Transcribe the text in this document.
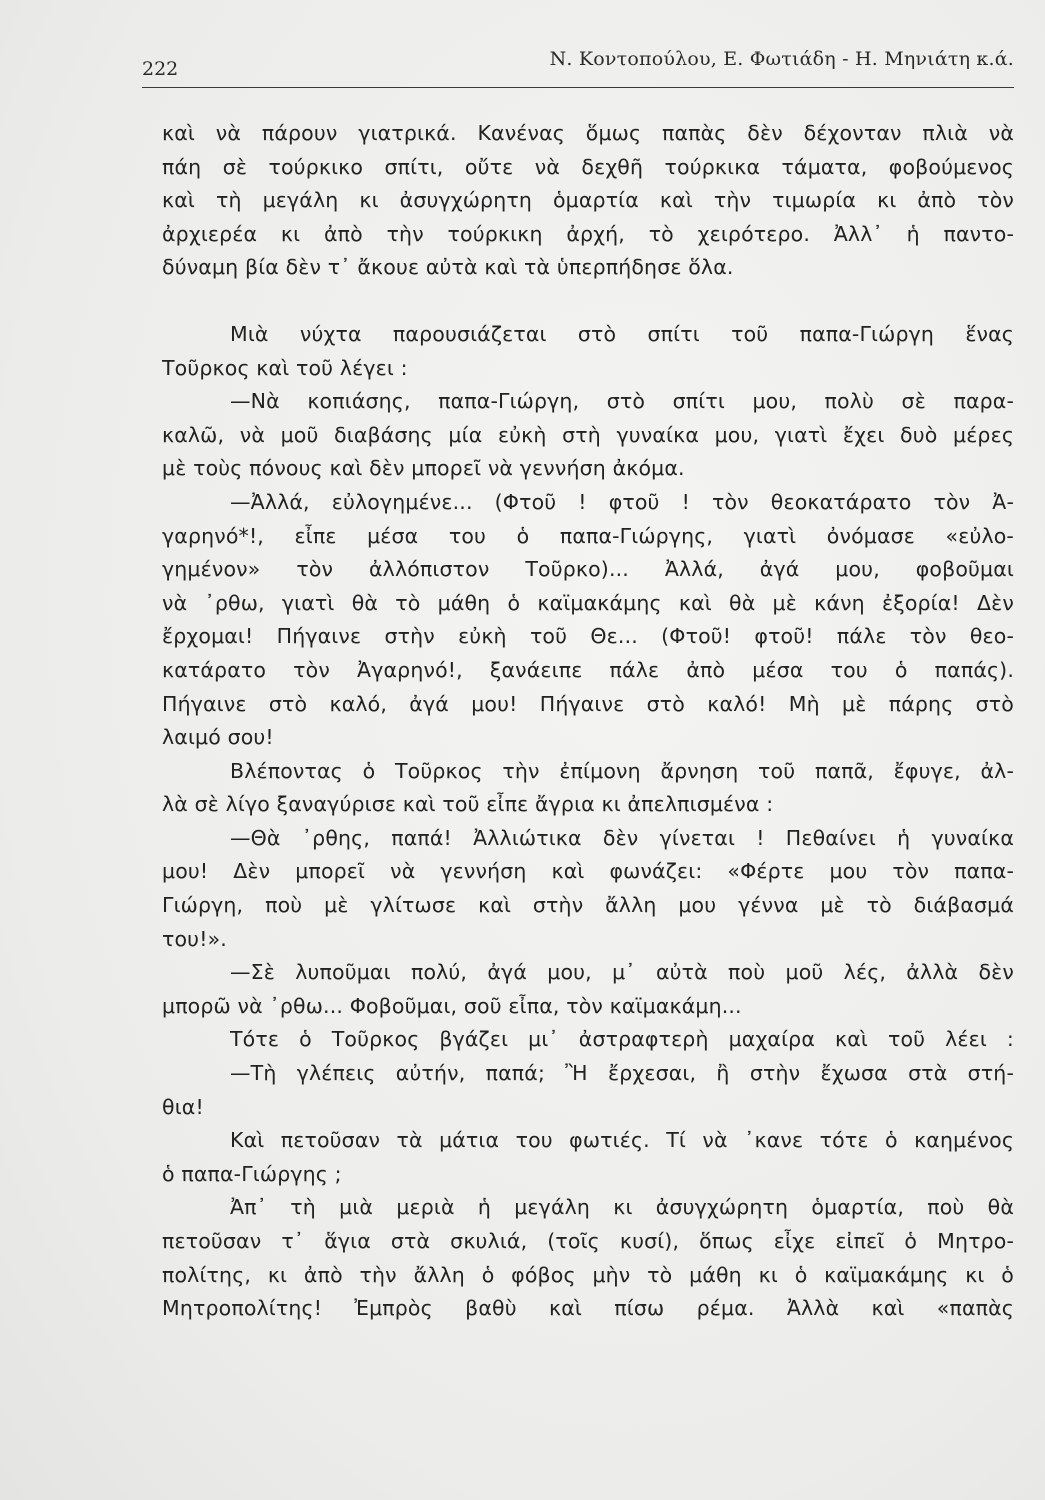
222	Ν. Κοντοπούλου, Ε. Φωτιάδη - Η. Μηνιάτη κ.ά.
καὶ νὰ πάρουν γιατρικά. Κανένας ὅμως παπὰς δὲν δέχονταν πλιὰ νὰ
πάη σὲ τούρκικο σπίτι, οὔτε νὰ δεχθῆ τούρκικα τάματα, φοβούμενος
καὶ τὴ μεγάλη κι ἀσυγχώρητη ὁμαρτία καὶ τὴν τιμωρία κι ἀπὸ τὸν
ἀρχιερέα κι ἀπὸ τὴν τούρκικη ἀρχή, τὸ χειρότερο. Ἀλλ᾽ ἡ παντο-
δύναμη βία δὲν τ᾽ ἄκουε αὐτὰ καὶ τὰ ὑπερπήδησε ὅλα.
Μιὰ νύχτα παρουσιάζεται στὸ σπίτι τοῦ παπα-Γιώργη ἕνας
Τοῦρκος καὶ τοῦ λέγει :
—Νὰ κοπιάσης, παπα-Γιώργη, στὸ σπίτι μου, πολὺ σὲ παρα-
καλῶ, νὰ μοῦ διαβάσης μία εὐκὴ στὴ γυναίκα μου, γιατὶ ἔχει δυὸ μέρες
μὲ τοὺς πόνους καὶ δὲν μπορεῖ νὰ γεννήση ἀκόμα.
—Ἀλλά, εὐλογημένε... (Φτοῦ ! φτοῦ ! τὸν θεοκατάρατο τὸν Ἀ-
γαρηνό*!, εἶπε μέσα του ὁ παπα-Γιώργης, γιατὶ ὀνόμασε «εὐλο-
γημένον» τὸν ἀλλόπιστον Τοῦρκο)... Ἀλλά, ἀγά μου, φοβοῦμαι
νὰ ᾽ρθω, γιατὶ θὰ τὸ μάθη ὁ καϊμακάμης καὶ θὰ μὲ κάνη ἐξορία! Δὲν
ἔρχομαι! Πήγαινε στὴν εὐκὴ τοῦ Θε... (Φτοῦ! φτοῦ! πάλε τὸν θεο-
κατάρατο τὸν Ἀγαρηνό!, ξανάειπε πάλε ἀπὸ μέσα του ὁ παπάς).
Πήγαινε στὸ καλό, ἀγά μου! Πήγαινε στὸ καλό! Μὴ μὲ πάρης στὸ
λαιμό σου!
Βλέποντας ὁ Τοῦρκος τὴν ἐπίμονη ἄρνηση τοῦ παπᾶ, ἔφυγε, ἀλ-
λὰ σὲ λίγο ξαναγύρισε καὶ τοῦ εἶπε ἄγρια κι ἀπελπισμένα :
—Θὰ ᾽ρθης, παπά! Ἀλλιώτικα δὲν γίνεται ! Πεθαίνει ἡ γυναίκα
μου! Δὲν μπορεῖ νὰ γεννήση καὶ φωνάζει: «Φέρτε μου τὸν παπα-
Γιώργη, ποὺ μὲ γλίτωσε καὶ στὴν ἄλλη μου γέννα μὲ τὸ διάβασμά
του!».
—Σὲ λυποῦμαι πολύ, ἀγά μου, μ᾽ αὐτὰ ποὺ μοῦ λές, ἀλλὰ δὲν
μπορῶ νὰ ᾽ρθω... Φοβοῦμαι, σοῦ εἶπα, τὸν καϊμακάμη...
Τότε ὁ Τοῦρκος βγάζει μι᾽ ἀστραφτερὴ μαχαίρα καὶ τοῦ λέει :
—Τὴ γλέπεις αὐτήν, παπά; Ἢ ἔρχεσαι, ἢ στὴν ἔχωσα στὰ στή-
θια!
Καὶ πετοῦσαν τὰ μάτια του φωτιές. Τί νὰ ᾽κανε τότε ὁ καημένος
ὁ παπα-Γιώργης ;
Ἀπ᾽ τὴ μιὰ μεριὰ ἡ μεγάλη κι ἀσυγχώρητη ὁμαρτία, ποὺ θὰ
πετοῦσαν τ᾽ ἅγια στὰ σκυλιά, (τοῖς κυσί), ὅπως εἶχε εἰπεῖ ὁ Μητρο-
πολίτης, κι ἀπὸ τὴν ἄλλη ὁ φόβος μὴν τὸ μάθη κι ὁ καϊμακάμης κι ὁ
Μητροπολίτης! Ἐμπρὸς βαθὺ καὶ πίσω ρέμα. Ἀλλὰ καὶ «παπὰς
